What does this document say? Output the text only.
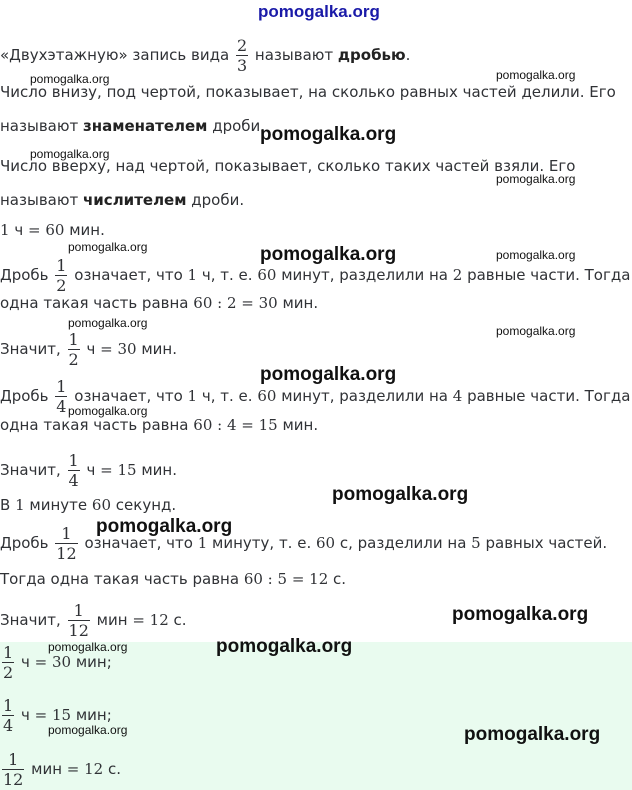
pomogalka.org
«Двухэтажную» запись вида $\frac{2}{3}$ называют дробью.
Число внизу, под чертой, показывает, на сколько равных частей делили. Его
называют знаменателем дроби.
Число вверху, над чертой, показывает, сколько таких частей взяли. Его
называют числителем дроби.
1 ч = 60 мин.
Дробь $\frac{1}{2}$ означает, что 1 ч, т. е. 60 минут, разделили на 2 равные части. Тогда
одна такая часть равна 60 : 2 = 30 мин.
Значит, $\frac{1}{2}$ ч = 30 мин.
Дробь $\frac{1}{4}$ означает, что 1 ч, т. е. 60 минут, разделили на 4 равные части. Тогда
одна такая часть равна 60 : 4 = 15 мин.
Значит, $\frac{1}{4}$ ч = 15 мин.
В 1 минуте 60 секунд.
Дробь $\frac{1}{12}$ означает, что 1 минуту, т. е. 60 с, разделили на 5 равных частей.
Тогда одна такая часть равна 60 : 5 = 12 с.
Значит, $\frac{1}{12}$ мин = 12 с.
$\frac{1}{2}$ ч = 30 мин;
$\frac{1}{4}$ ч = 15 мин;
$\frac{1}{12}$ мин = 12 с.
pomogalka.org	pomogalka.org
pomogalka.org
pomogalka.org
pomogalka.org
pomogalka.org	pomogalka.org	pomogalka.org
pomogalka.org
pomogalka.org
pomogalka.org
pomogalka.org
pomogalka.org
pomogalka.org
pomogalka.org
pomogalka.org	pomogalka.org
pomogalka.org	pomogalka.org
